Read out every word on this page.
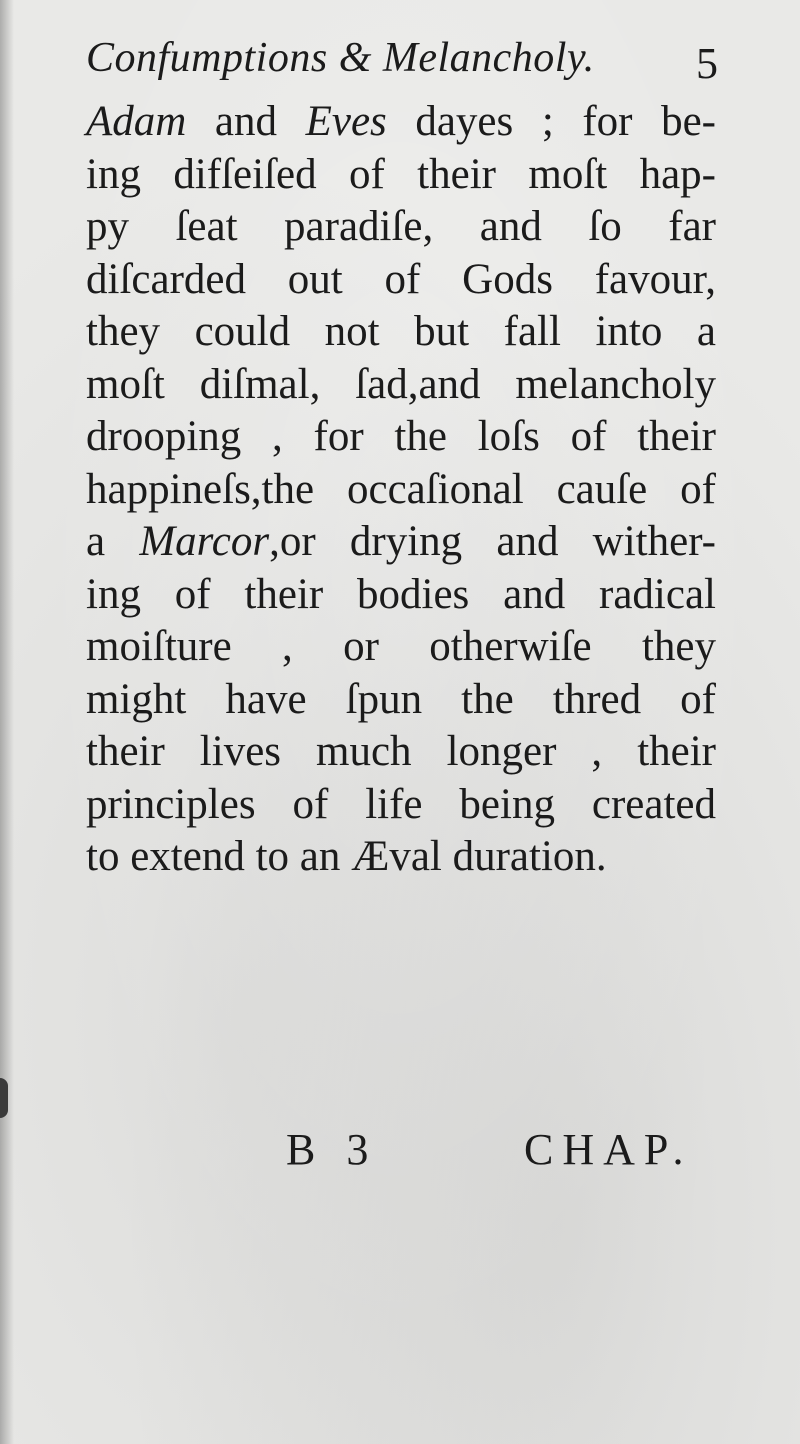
Confumptions & Melancholy. 5
Adam and Eves dayes ; for be-
ing difſeiſed of their moſt hap-
py ſeat paradiſe, and ſo far
diſcarded out of Gods favour,
they could not but fall into a
moſt diſmal, ſad,and melancholy
drooping , for the loſs of their
happineſs,the occaſional cauſe of
a Marcor,or drying and wither-
ing of their bodies and radical
moiſture , or otherwiſe they
might have ſpun the thred of
their lives much longer , their
principles of life being created
to extend to an Æval duration.
B 3	CHAP.
